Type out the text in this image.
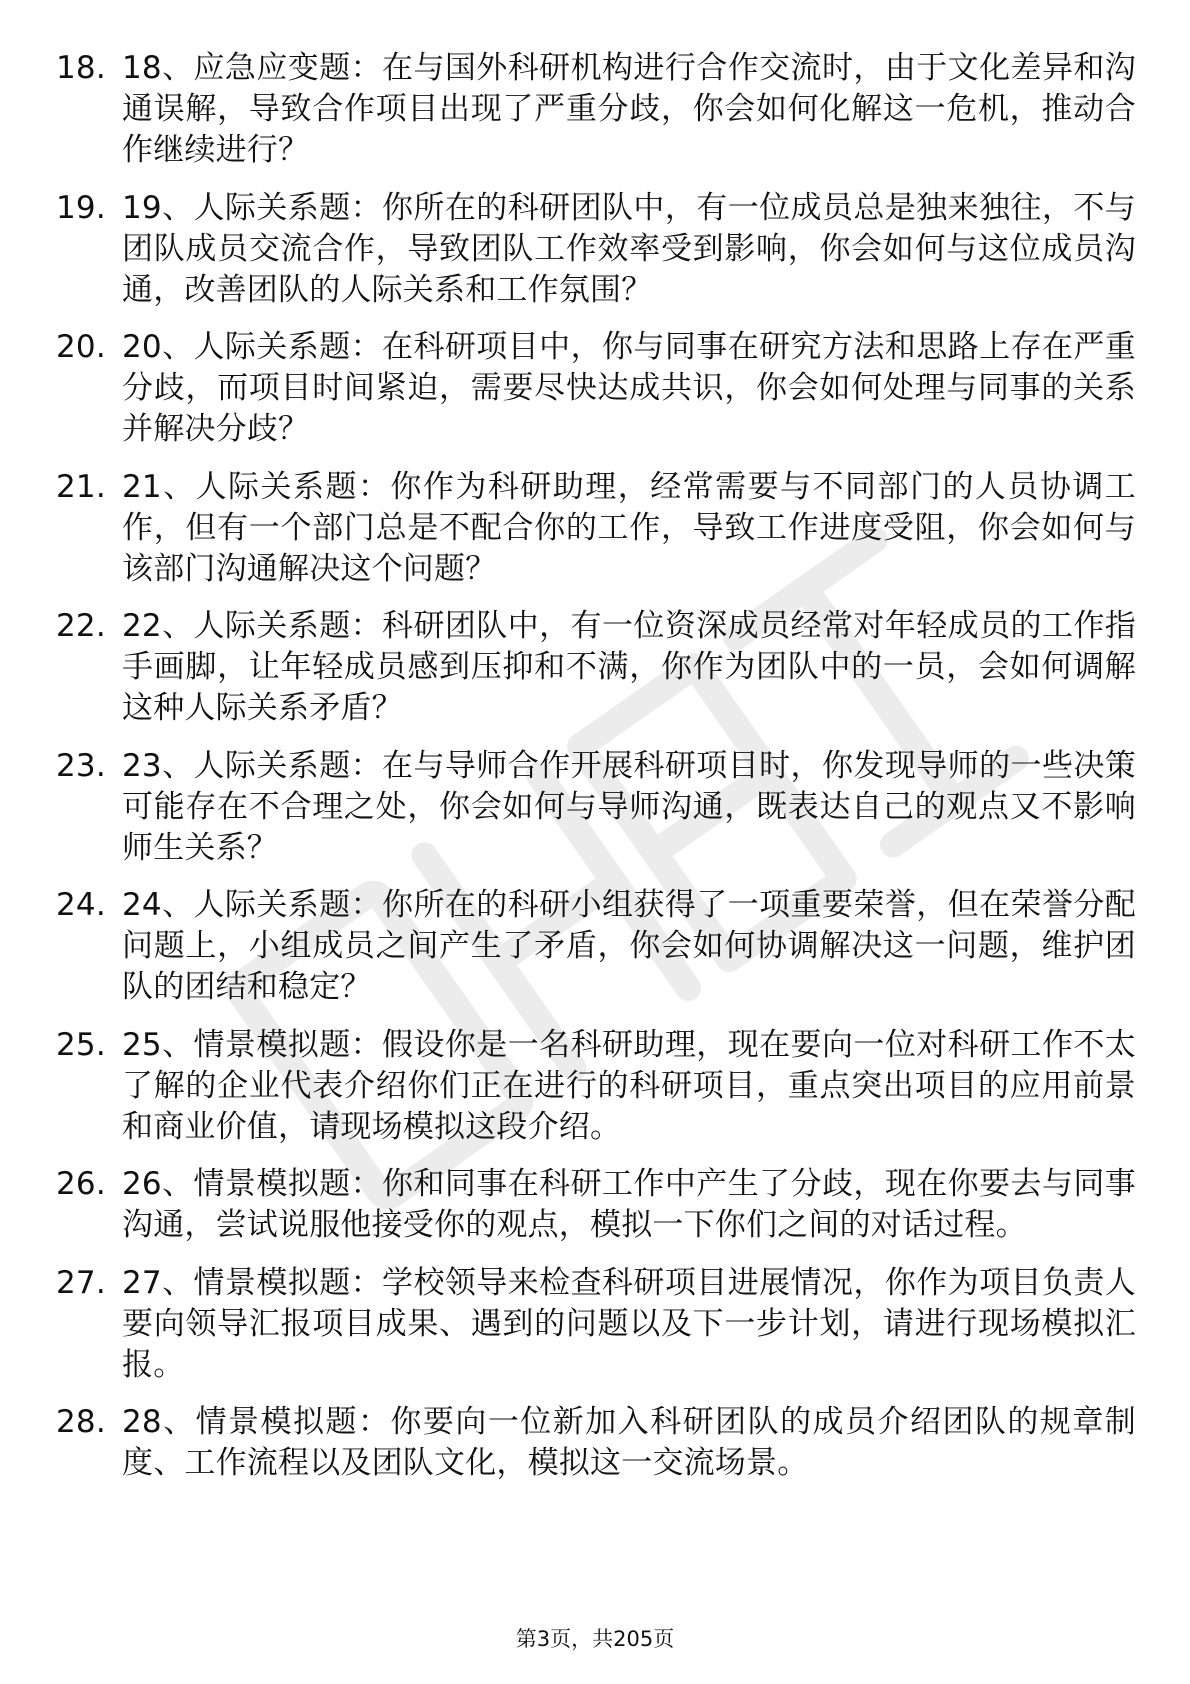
18. 18、应急应变题：在与国外科研机构进行合作交流时，由于文化差异和沟通误解，导致合作项目出现了严重分歧，你会如何化解这一危机，推动合作继续进行？
19. 19、人际关系题：你所在的科研团队中，有一位成员总是独来独往，不与团队成员交流合作，导致团队工作效率受到影响，你会如何与这位成员沟通，改善团队的人际关系和工作氛围？
20. 20、人际关系题：在科研项目中，你与同事在研究方法和思路上存在严重分歧，而项目时间紧迫，需要尽快达成共识，你会如何处理与同事的关系并解决分歧？
21. 21、人际关系题：你作为科研助理，经常需要与不同部门的人员协调工作，但有一个部门总是不配合你的工作，导致工作进度受阻，你会如何与该部门沟通解决这个问题？
22. 22、人际关系题：科研团队中，有一位资深成员经常对年轻成员的工作指手画脚，让年轻成员感到压抑和不满，你作为团队中的一员，会如何调解这种人际关系矛盾？
23. 23、人际关系题：在与导师合作开展科研项目时，你发现导师的一些决策可能存在不合理之处，你会如何与导师沟通，既表达自己的观点又不影响师生关系？
24. 24、人际关系题：你所在的科研小组获得了一项重要荣誉，但在荣誉分配问题上，小组成员之间产生了矛盾，你会如何协调解决这一问题，维护团队的团结和稳定？
25. 25、情景模拟题：假设你是一名科研助理，现在要向一位对科研工作不太了解的企业代表介绍你们正在进行的科研项目，重点突出项目的应用前景和商业价值，请现场模拟这段介绍。
26. 26、情景模拟题：你和同事在科研工作中产生了分歧，现在你要去与同事沟通，尝试说服他接受你的观点，模拟一下你们之间的对话过程。
27. 27、情景模拟题：学校领导来检查科研项目进展情况，你作为项目负责人要向领导汇报项目成果、遇到的问题以及下一步计划，请进行现场模拟汇报。
28. 28、情景模拟题：你要向一位新加入科研团队的成员介绍团队的规章制度、工作流程以及团队文化，模拟这一交流场景。
第3页，共205页
